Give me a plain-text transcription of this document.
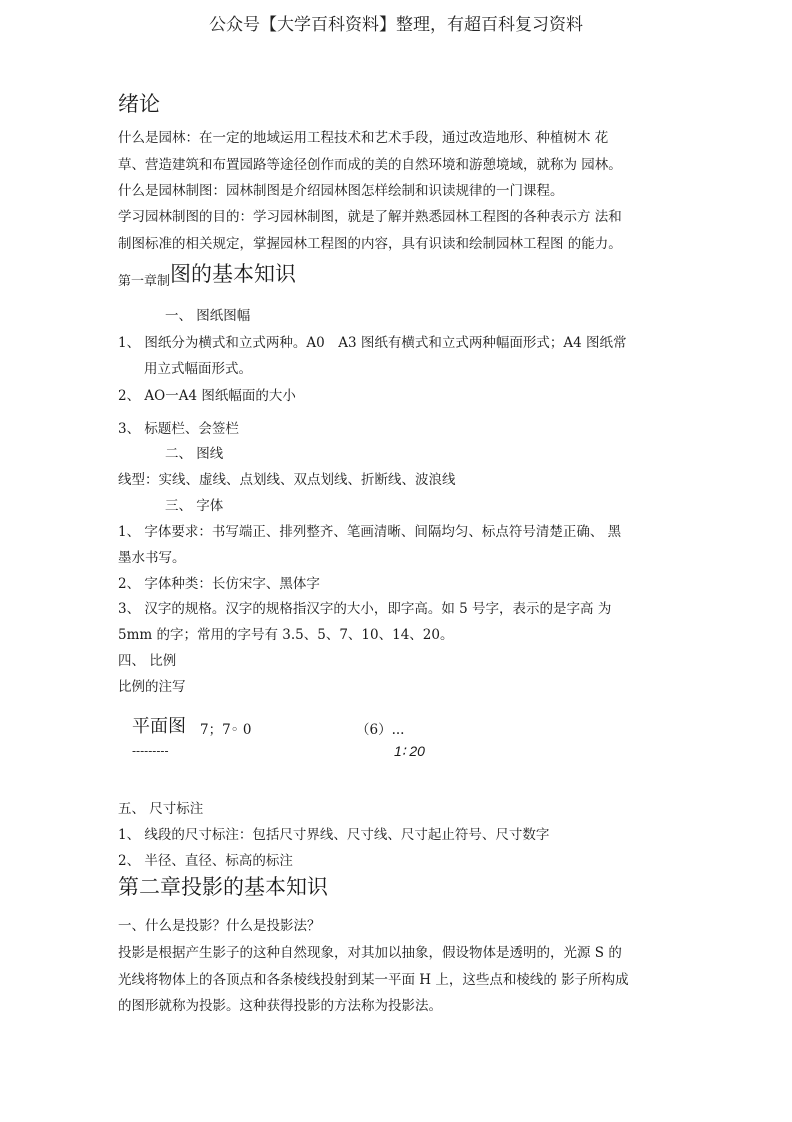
公众号【大学百科资料】整理，有超百科复习资料
绪论
什么是园林：在一定的地域运用工程技术和艺术手段，通过改造地形、种植树木 花
草、营造建筑和布置园路等途径创作而成的美的自然环境和游憩境域，就称为 园林。
什么是园林制图：园林制图是介绍园林图怎样绘制和识读规律的一门课程。
学习园林制图的目的：学习园林制图，就是了解并熟悉园林工程图的各种表示方 法和
制图标准的相关规定，掌握园林工程图的内容，具有识读和绘制园林工程图 的能力。
第一章制图的基本知识
一、 图纸图幅
1、 图纸分为横式和立式两种。A0　A3 图纸有横式和立式两种幅面形式；A4 图纸常
用立式幅面形式。
2、 AO一A4 图纸幅面的大小
3、 标题栏、会签栏
二、 图线
线型：实线、虚线、点划线、双点划线、折断线、波浪线
三、 字体
1、 字体要求：书写端正、排列整齐、笔画清晰、间隔均匀、标点符号清楚正确、 黑
墨水书写。
2、 字体种类：长仿宋字、黑体字
3、 汉字的规格。汉字的规格指汉字的大小，即字高。如 5 号字，表示的是字高 为
5mm 的字；常用的字号有 3.5、5、7、10、14、20。
四、 比例
比例的注写
平面图 7；7◦ 0	（6）...
---------	1∶ 20
五、 尺寸标注
1、 线段的尺寸标注：包括尺寸界线、尺寸线、尺寸起止符号、尺寸数字
2、 半径、直径、标高的标注
第二章投影的基本知识
一、什么是投影？什么是投影法？
投影是根据产生影子的这种自然现象，对其加以抽象，假设物体是透明的，光源 S 的
光线将物体上的各顶点和各条棱线投射到某一平面 H 上，这些点和棱线的 影子所构成
的图形就称为投影。这种获得投影的方法称为投影法。
